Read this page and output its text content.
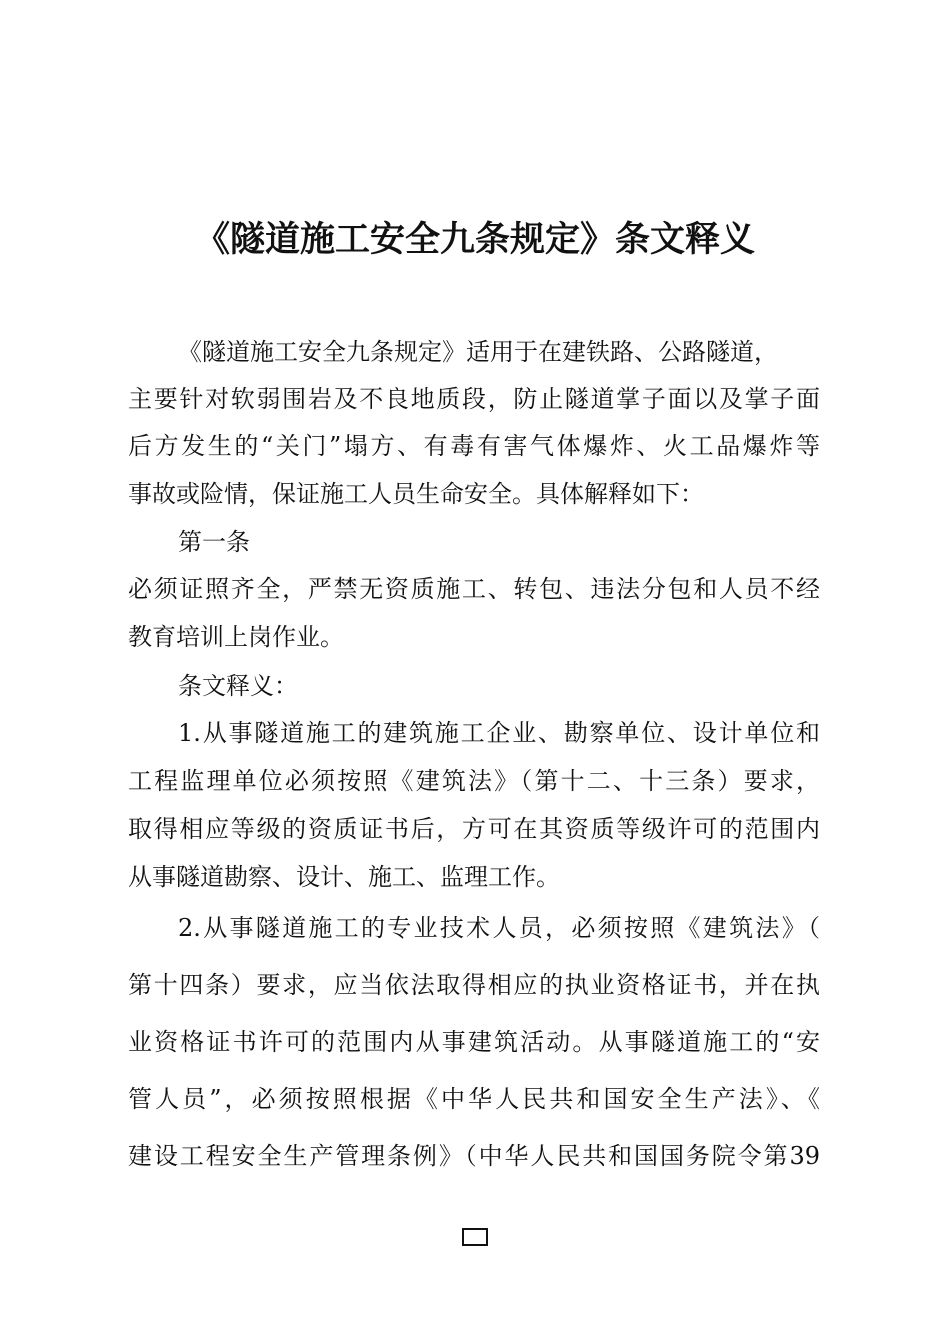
《隧道施工安全九条规定》条文释义

《隧道施工安全九条规定》适用于在建铁路、公路隧道，

主要针对软弱围岩及不良地质段，防止隧道掌子面以及掌子面

后方发生的“关门”塌方、有毒有害气体爆炸、火工品爆炸等

事故或险情，保证施工人员生命安全。具体解释如下：

第一条

必须证照齐全，严禁无资质施工、转包、违法分包和人员不经

教育培训上岗作业。

条文释义：

1.从事隧道施工的建筑施工企业、勘察单位、设计单位和

工程监理单位必须按照《建筑法》（第十二、十三条）要求，

取得相应等级的资质证书后，方可在其资质等级许可的范围内

从事隧道勘察、设计、施工、监理工作。

2.从事隧道施工的专业技术人员，必须按照《建筑法》（

第十四条）要求，应当依法取得相应的执业资格证书，并在执

业资格证书许可的范围内从事建筑活动。从事隧道施工的“安

管人员”，必须按照根据《中华人民共和国安全生产法》、《

建设工程安全生产管理条例》（中华人民共和国国务院令第39
